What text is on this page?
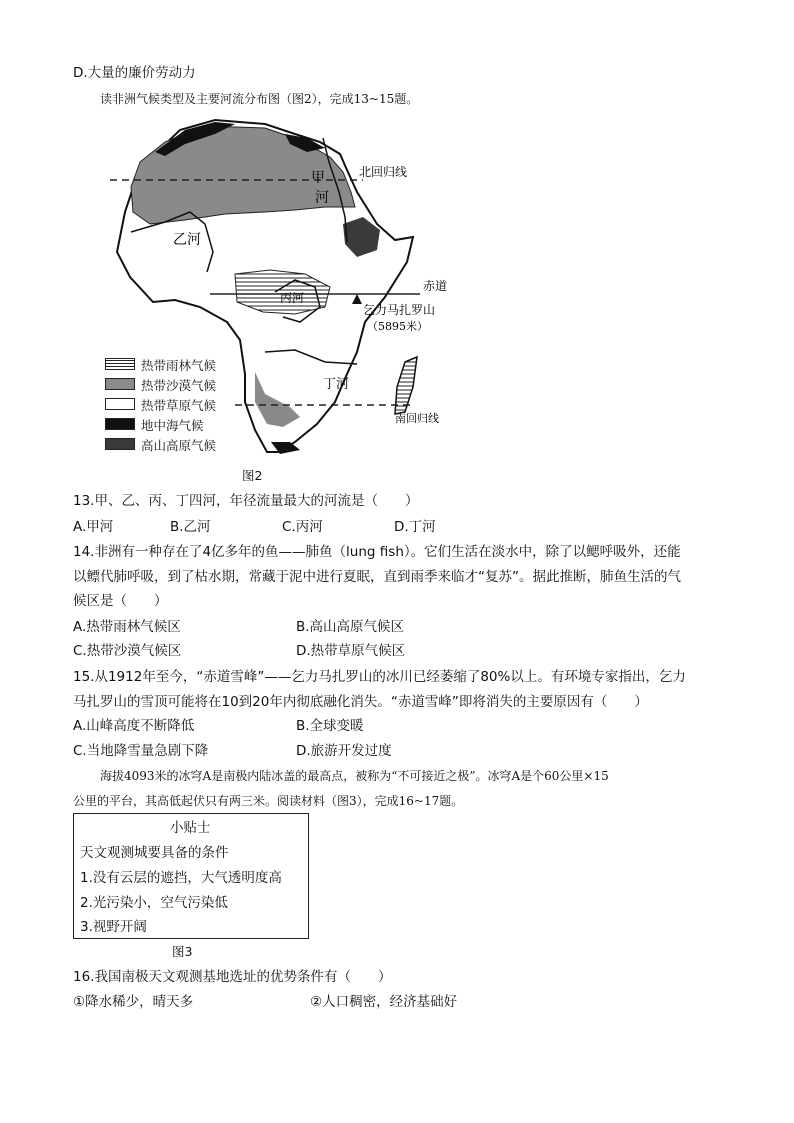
D.大量的廉价劳动力
读非洲气候类型及主要河流分布图（图2），完成13~15题。
甲
河
乙河
丙河
丁河
北回归线
赤道
乞力马扎罗山
（5895米）
南回归线
热带雨林气候
热带沙漠气候
热带草原气候
地中海气候
高山高原气候
图2
13.甲、乙、丙、丁四河，年径流量最大的河流是（　　）
A.甲河	B.乙河	C.丙河	D.丁河
14.非洲有一种存在了4亿多年的鱼——肺鱼（lung fish）。它们生活在淡水中，除了以鳃呼吸外，还能
以鳔代肺呼吸，到了枯水期，常藏于泥中进行夏眠，直到雨季来临才“复苏”。据此推断，肺鱼生活的气
候区是（　　）
A.热带雨林气候区	B.高山高原气候区
C.热带沙漠气候区	D.热带草原气候区
15.从1912年至今，“赤道雪峰”——乞力马扎罗山的冰川已经萎缩了80%以上。有环境专家指出，乞力
马扎罗山的雪顶可能将在10到20年内彻底融化消失。“赤道雪峰”即将消失的主要原因有（　　）
A.山峰高度不断降低	B.全球变暖
C.当地降雪量急剧下降	D.旅游开发过度
海拔4093米的冰穹A是南极内陆冰盖的最高点，被称为“不可接近之极”。冰穹A是个60公里×15
公里的平台，其高低起伏只有两三米。阅读材料（图3），完成16~17题。
小贴士
天文观测城要具备的条件
1.没有云层的遮挡，大气透明度高
2.光污染小，空气污染低
3.视野开阔
图3
16.我国南极天文观测基地选址的优势条件有（　　）
①降水稀少，晴天多	②人口稠密，经济基础好
